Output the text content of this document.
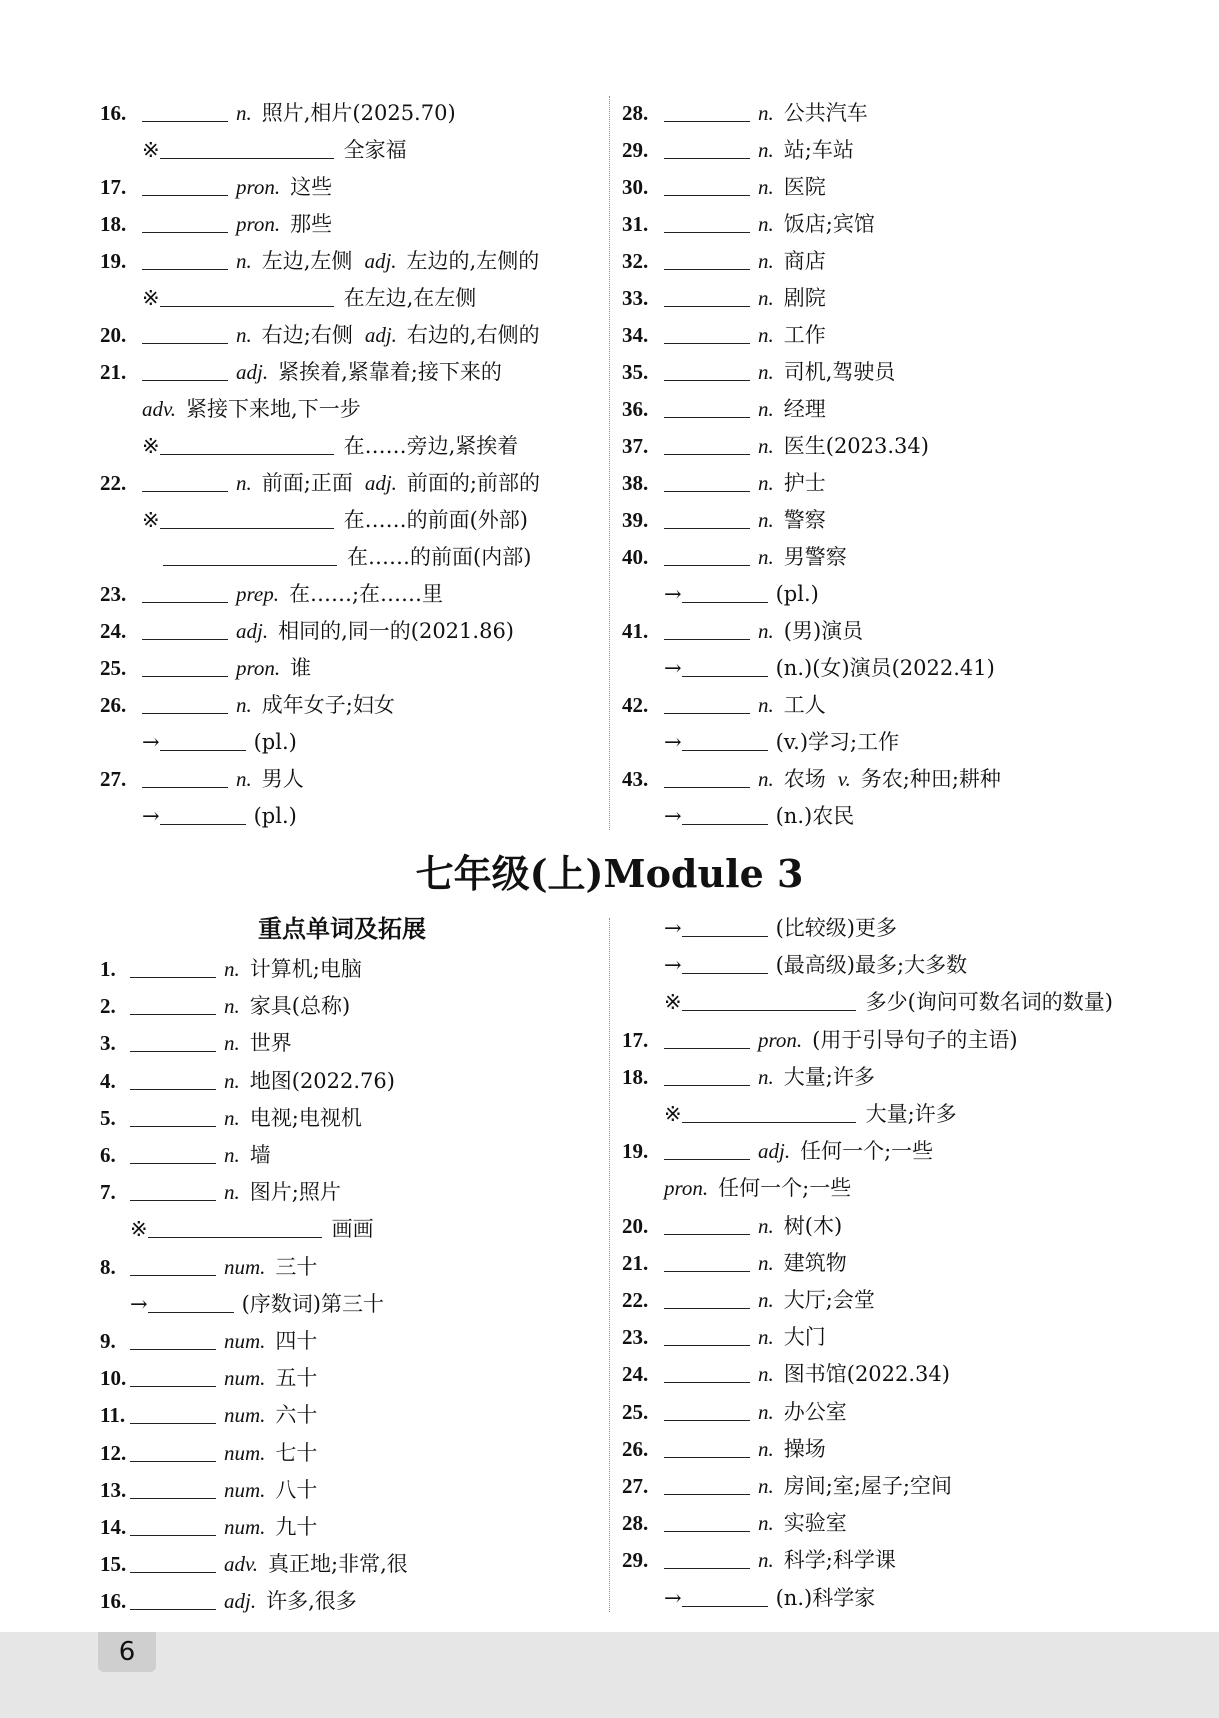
16.	n. 照片,相片(2025.70)
※	全家福
17.	pron. 这些
18.	pron. 那些
19.	n. 左边,左侧 adj. 左边的,左侧的
※	在左边,在左侧
20.	n. 右边;右侧 adj. 右边的,右侧的
21.	adj. 紧挨着,紧靠着;接下来的
adv. 紧接下来地,下一步
※	在……旁边,紧挨着
22.	n. 前面;正面 adj. 前面的;前部的
※	在……的前面(外部)
在……的前面(内部)
23.	prep. 在……;在……里
24.	adj. 相同的,同一的(2021.86)
25.	pron. 谁
26.	n. 成年女子;妇女
→	(pl.)
27.	n. 男人
→	(pl.)
28.	n. 公共汽车
29.	n. 站;车站
30.	n. 医院
31.	n. 饭店;宾馆
32.	n. 商店
33.	n. 剧院
34.	n. 工作
35.	n. 司机,驾驶员
36.	n. 经理
37.	n. 医生(2023.34)
38.	n. 护士
39.	n. 警察
40.	n. 男警察
→	(pl.)
41.	n. (男)演员
→	(n.)(女)演员(2022.41)
42.	n. 工人
→	(v.)学习;工作
43.	n. 农场 v. 务农;种田;耕种
→	(n.)农民
七年级(上)Module 3
重点单词及拓展
1.	n. 计算机;电脑
2.	n. 家具(总称)
3.	n. 世界
4.	n. 地图(2022.76)
5.	n. 电视;电视机
6.	n. 墙
7.	n. 图片;照片
※	画画
8.	num. 三十
→	(序数词)第三十
9.	num. 四十
10.	num. 五十
11.	num. 六十
12.	num. 七十
13.	num. 八十
14.	num. 九十
15.	adv. 真正地;非常,很
16.	adj. 许多,很多
→	(比较级)更多
→	(最高级)最多;大多数
※	多少(询问可数名词的数量)
17.	pron. (用于引导句子的主语)
18.	n. 大量;许多
※	大量;许多
19.	adj. 任何一个;一些
pron. 任何一个;一些
20.	n. 树(木)
21.	n. 建筑物
22.	n. 大厅;会堂
23.	n. 大门
24.	n. 图书馆(2022.34)
25.	n. 办公室
26.	n. 操场
27.	n. 房间;室;屋子;空间
28.	n. 实验室
29.	n. 科学;科学课
→	(n.)科学家
6
